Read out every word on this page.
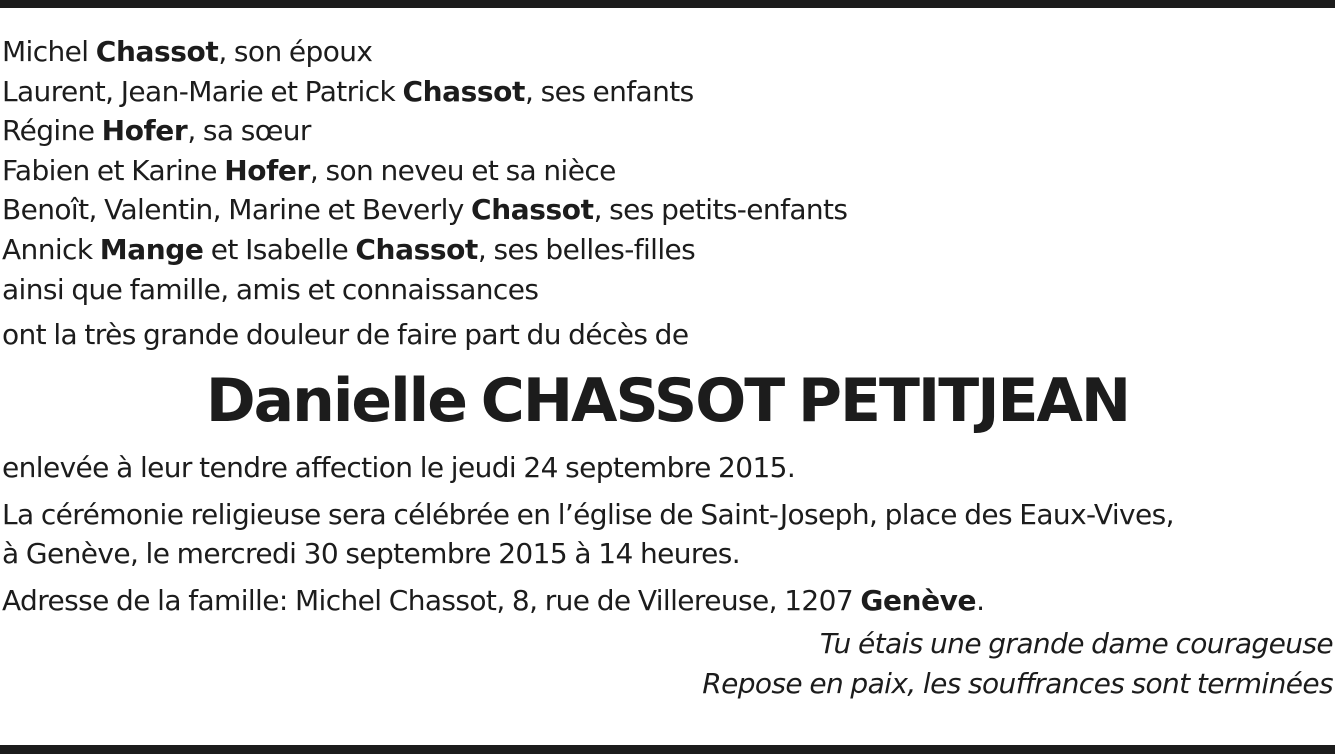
Michel Chassot, son époux
Laurent, Jean-Marie et Patrick Chassot, ses enfants
Régine Hofer, sa sœur
Fabien et Karine Hofer, son neveu et sa nièce
Benoît, Valentin, Marine et Beverly Chassot, ses petits-enfants
Annick Mange et Isabelle Chassot, ses belles-filles
ainsi que famille, amis et connaissances
ont la très grande douleur de faire part du décès de
Danielle CHASSOT PETITJEAN
enlevée à leur tendre affection le jeudi 24 septembre 2015.
La cérémonie religieuse sera célébrée en l’église de Saint-Joseph, place des Eaux-Vives,
à Genève, le mercredi 30 septembre 2015 à 14 heures.
Adresse de la famille: Michel Chassot, 8, rue de Villereuse, 1207 Genève.
Tu étais une grande dame courageuse
Repose en paix, les souffrances sont terminées
